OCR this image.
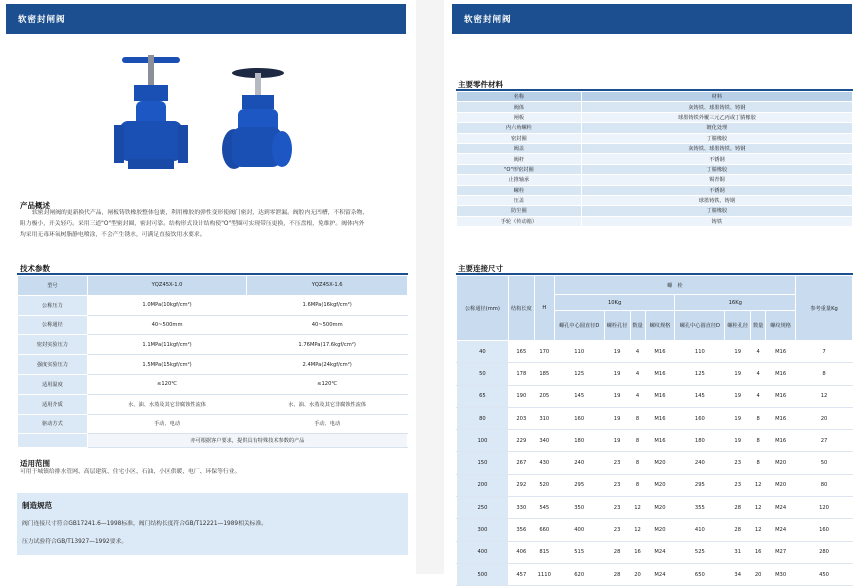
软密封闸阀
产品概述
软密封闸阀的更新换代产品，闸板铸铁橡胶整体包裹，利用橡胶的弹性变形使阀门密封，达到零泄漏。阀腔内无凹槽，不积留杂物，
阻力极小，开关轻巧。采用三道"O"型密封圈，密封可靠。结构形式设计结构使"O"型圈可实现带压更换，不压盘根，免维护。阀体内外
均采用无毒环氧树脂静电喷涂，不会产生锈水，可满足直接饮用水要求。
技术参数
型号	YQZ45X-1.0	YQZ45X-1.6
公称压力	1.0MPa(10kgf/cm²)	1.6MPa(16kgf/cm²)
公称通径	40~500mm	40~500mm
密封实验压力	1.1MPa(11kgf/cm²)	1.76MPa(17.6kgf/cm²)
强度实验压力	1.5MPa(15kgf/cm²)	2.4MPa(24kgf/cm²)
适用温度	≤120℃	≤120℃
适用介质	水、油、水蒸及其它非腐蚀性流体	水、油、水蒸及其它非腐蚀性流体
驱动方式	手动、电动	手动、电动
	亦可根据客户要求，提供具有特殊技术参数的产品	
适用范围
可用于城镇给排水管网、高层建筑、住宅小区、石油、小区供暖、电厂、环保等行业。
制造规范
阀门连接尺寸符合GB17241.6—1998标准，阀门结构长度符合GB/T12221—1989相关标准。
压力试验符合GB/T13927—1992要求。
软密封闸阀
主要零件材料
名称	材料
阀体	灰铸铁、球墨铸铁、铸钢
闸板	球墨铸铁外覆三元乙丙或丁腈橡胶
内六角螺栓	镀化处理
密封圈	丁腈橡胶
阀盖	灰铸铁、球墨铸铁、铸钢
阀杆	不锈钢
"O"形密封圈	丁腈橡胶
止推轴承	锡青铜
螺栓	不锈钢
压盖	球墨铸铁、铸钢
防尘圈	丁腈橡胶
手轮（传动箱）	铸铁
主要连接尺寸
公称通径(mm)	结构长度	H	螺　栓								参考重量Kg
			10Kg				16Kg				
			螺孔中心圆直径D	螺栓孔径	数量	螺纹规格	螺孔中心圆直径D	螺栓孔径	数量	螺纹规格	
40	165	170	110	19	4	M16	110	19	4	M16	7
50	178	185	125	19	4	M16	125	19	4	M16	8
65	190	205	145	19	4	M16	145	19	4	M16	12
80	203	310	160	19	8	M16	160	19	8	M16	20
100	229	340	180	19	8	M16	180	19	8	M16	27
150	267	430	240	23	8	M20	240	23	8	M20	50
200	292	520	295	23	8	M20	295	23	12	M20	80
250	330	545	350	23	12	M20	355	28	12	M24	120
300	356	660	400	23	12	M20	410	28	12	M24	160
400	406	815	515	28	16	M24	525	31	16	M27	280
500	457	1110	620	28	20	M24	650	34	20	M30	450
